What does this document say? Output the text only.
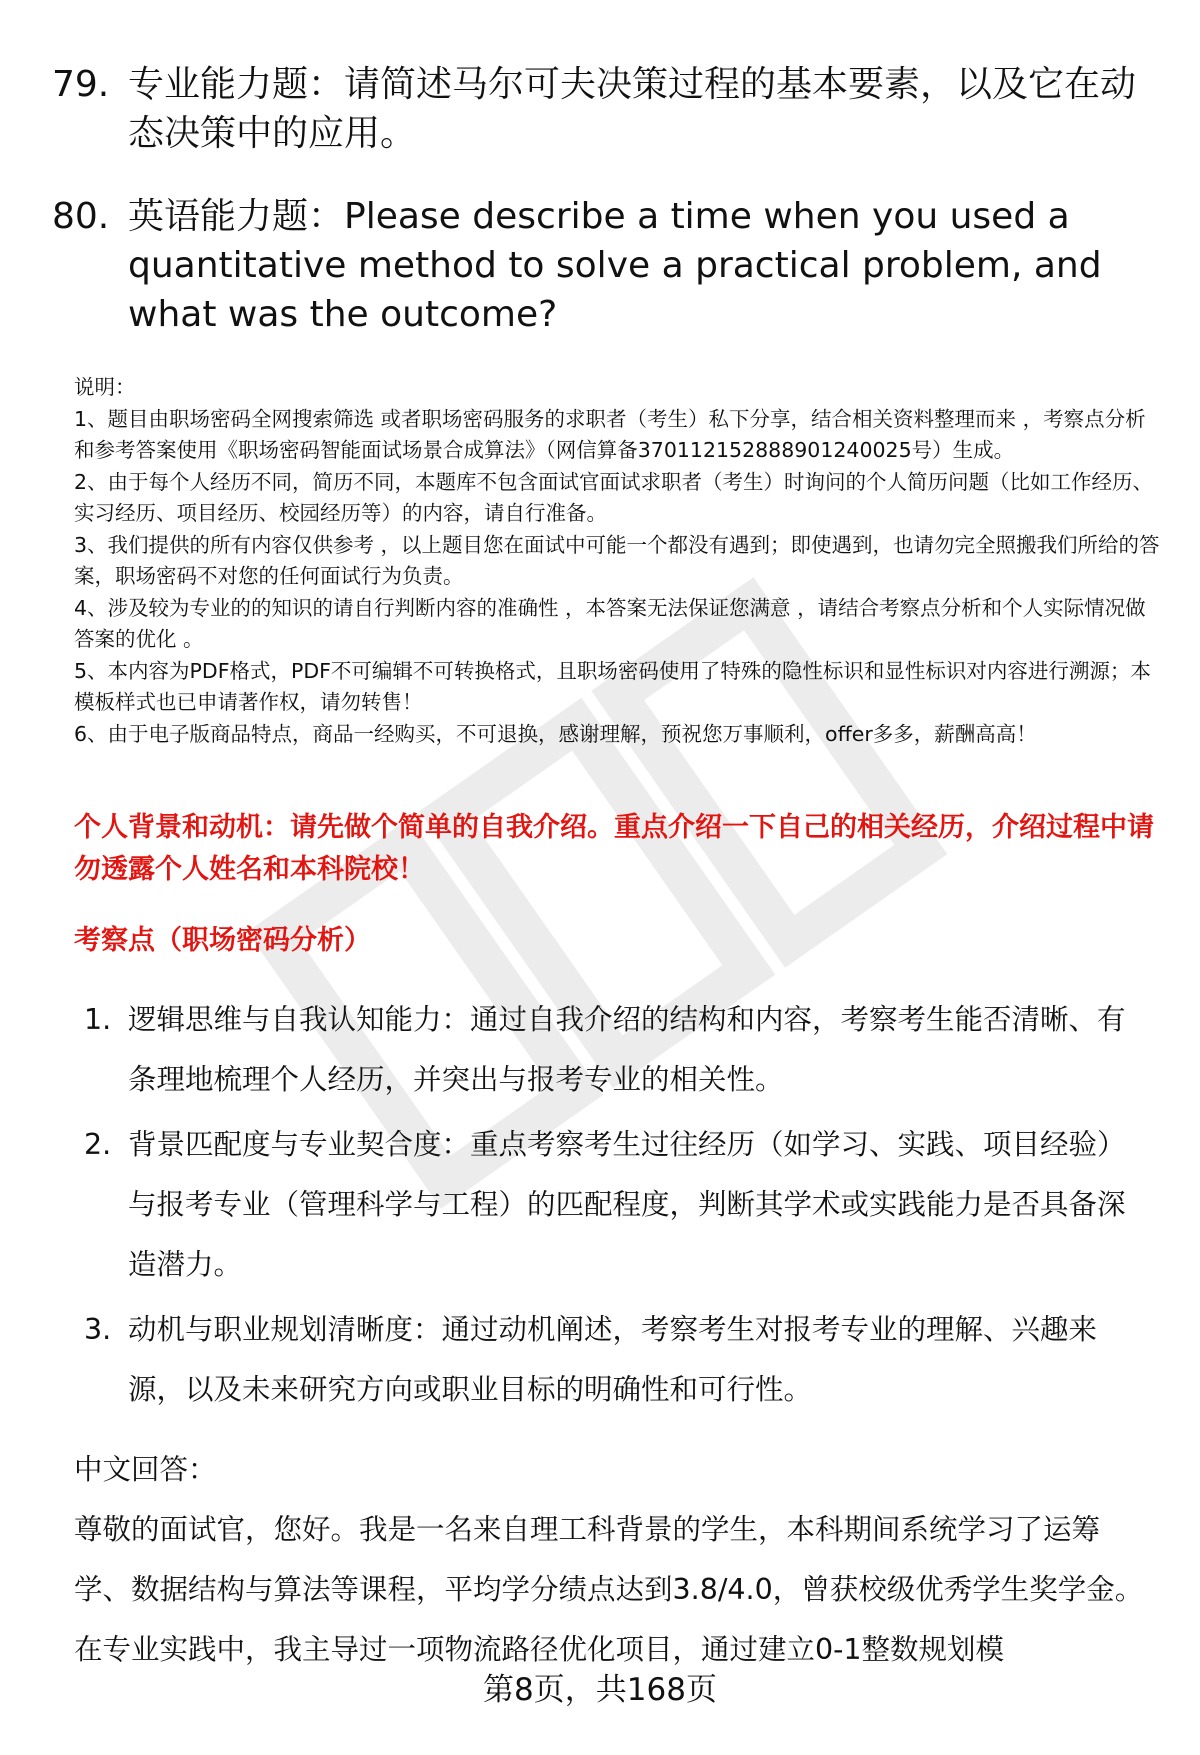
79. 专业能力题：请简述马尔可夫决策过程的基本要素，以及它在动态决策中的应用。
80. 英语能力题：Please describe a time when you used a quantitative method to solve a practical problem, and what was the outcome?

说明：

1、题目由职场密码全网搜索筛选 或者职场密码服务的求职者（考生）私下分享，结合相关资料整理而来 ，考察点分析和参考答案使用《职场密码智能面试场景合成算法》（网信算备370112152888901240025号）生成。

2、由于每个人经历不同，简历不同，本题库不包含面试官面试求职者（考生）时询问的个人简历问题（比如工作经历、实习经历、项目经历、校园经历等）的内容，请自行准备。

3、我们提供的所有内容仅供参考 ，以上题目您在面试中可能一个都没有遇到；即使遇到，也请勿完全照搬我们所给的答案，职场密码不对您的任何面试行为负责。

4、涉及较为专业的的知识的请自行判断内容的准确性 ，本答案无法保证您满意 ，请结合考察点分析和个人实际情况做答案的优化 。

5、本内容为PDF格式，PDF不可编辑不可转换格式，且职场密码使用了特殊的隐性标识和显性标识对内容进行溯源；本模板样式也已申请著作权，请勿转售！

6、由于电子版商品特点，商品一经购买，不可退换，感谢理解，预祝您万事顺利，offer多多，薪酬高高！

个人背景和动机：请先做个简单的自我介绍。重点介绍一下自己的相关经历，介绍过程中请勿透露个人姓名和本科院校！
考察点（职场密码分析）
1. 逻辑思维与自我认知能力：通过自我介绍的结构和内容，考察考生能否清晰、有条理地梳理个人经历，并突出与报考专业的相关性。
2. 背景匹配度与专业契合度：重点考察考生过往经历（如学习、实践、项目经验）与报考专业（管理科学与工程）的匹配程度，判断其学术或实践能力是否具备深造潜力。
3. 动机与职业规划清晰度：通过动机阐述，考察考生对报考专业的理解、兴趣来源，以及未来研究方向或职业目标的明确性和可行性。
中文回答：
尊敬的面试官，您好。我是一名来自理工科背景的学生，本科期间系统学习了运筹学、数据结构与算法等课程，平均学分绩点达到3.8/4.0，曾获校级优秀学生奖学金。在专业实践中，我主导过一项物流路径优化项目，通过建立0-1整数规划模
第8页，共168页
